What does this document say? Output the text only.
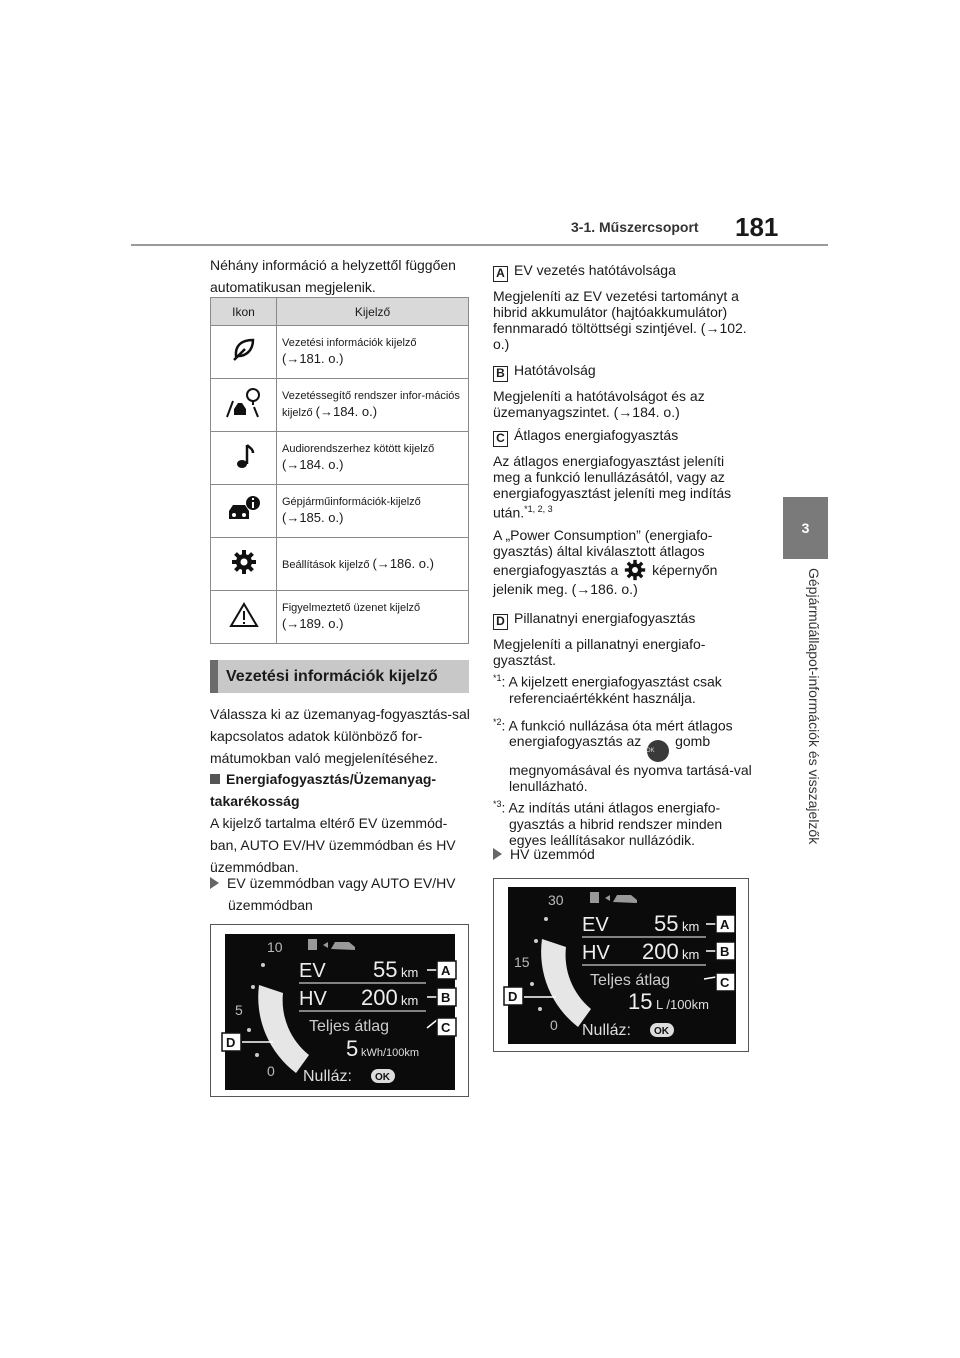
3-1. Műszercsoport 181
3
Gépjárműállapot-információk és visszajelzők
Néhány információ a helyzettől függően automatikusan megjelenik.
Ikon	Kijelző
	Vezetési információk kijelző
(→181. o.)
	Vezetéssegítő rendszer infor-mációs kijelző (→184. o.)
	Audiorendszerhez kötött kijelző
(→184. o.)
	Gépjárműinformációk-kijelző
(→185. o.)
	Beállítások kijelző (→186. o.)
	Figyelmeztető üzenet kijelző
(→189. o.)
Vezetési információk kijelző
Válassza ki az üzemanyag-fogyasztás-sal kapcsolatos adatok különböző for-mátumokban való megjelenítéséhez.
Energiafogyasztás/Üzemanyag-takarékosság
A kijelző tartalma eltérő EV üzemmód-ban, AUTO EV/HV üzemmódban és HV üzemmódban.
EV üzemmódban vagy AUTO EV/HV üzemmódban
10
5
0
EV 55 km
HV 200 km
Teljes átlag
5 kWh/100km
Nulláz: OK
A
B
C
D
A EV vezetés hatótávolsága
Megjeleníti az EV vezetési tartományt a hibrid akkumulátor (hajtóakkumulátor) fennmaradó töltöttségi szintjével. (→102. o.)
B Hatótávolság
Megjeleníti a hatótávolságot és az üzemanyagszintet. (→184. o.)
C Átlagos energiafogyasztás
Az átlagos energiafogyasztást jeleníti meg a funkció lenullázásától, vagy az energiafogyasztást jeleníti meg indítás után.$^{*1, 2, 3}$
A „Power Consumption” (energiafo-gyasztás) által kiválasztott átlagos energiafogyasztás a képernyőn jelenik meg. (→186. o.)
D Pillanatnyi energiafogyasztás
Megjeleníti a pillanatnyi energiafo-gyasztást.
$^{*1}$: A kijelzett energiafogyasztást csak referenciaértékként használja.
$^{*2}$: A funkció nullázása óta mért átlagos energiafogyasztás az OK gomb megnyomásával és nyomva tartásá-val lenullázható.
$^{*3}$: Az indítás utáni átlagos energiafo-gyasztás a hibrid rendszer minden egyes leállításakor nullázódik.
HV üzemmód
30
15
0
EV 55 km
HV 200 km
Teljes átlag
15 L /100km
Nulláz: OK
A
B
C
D
